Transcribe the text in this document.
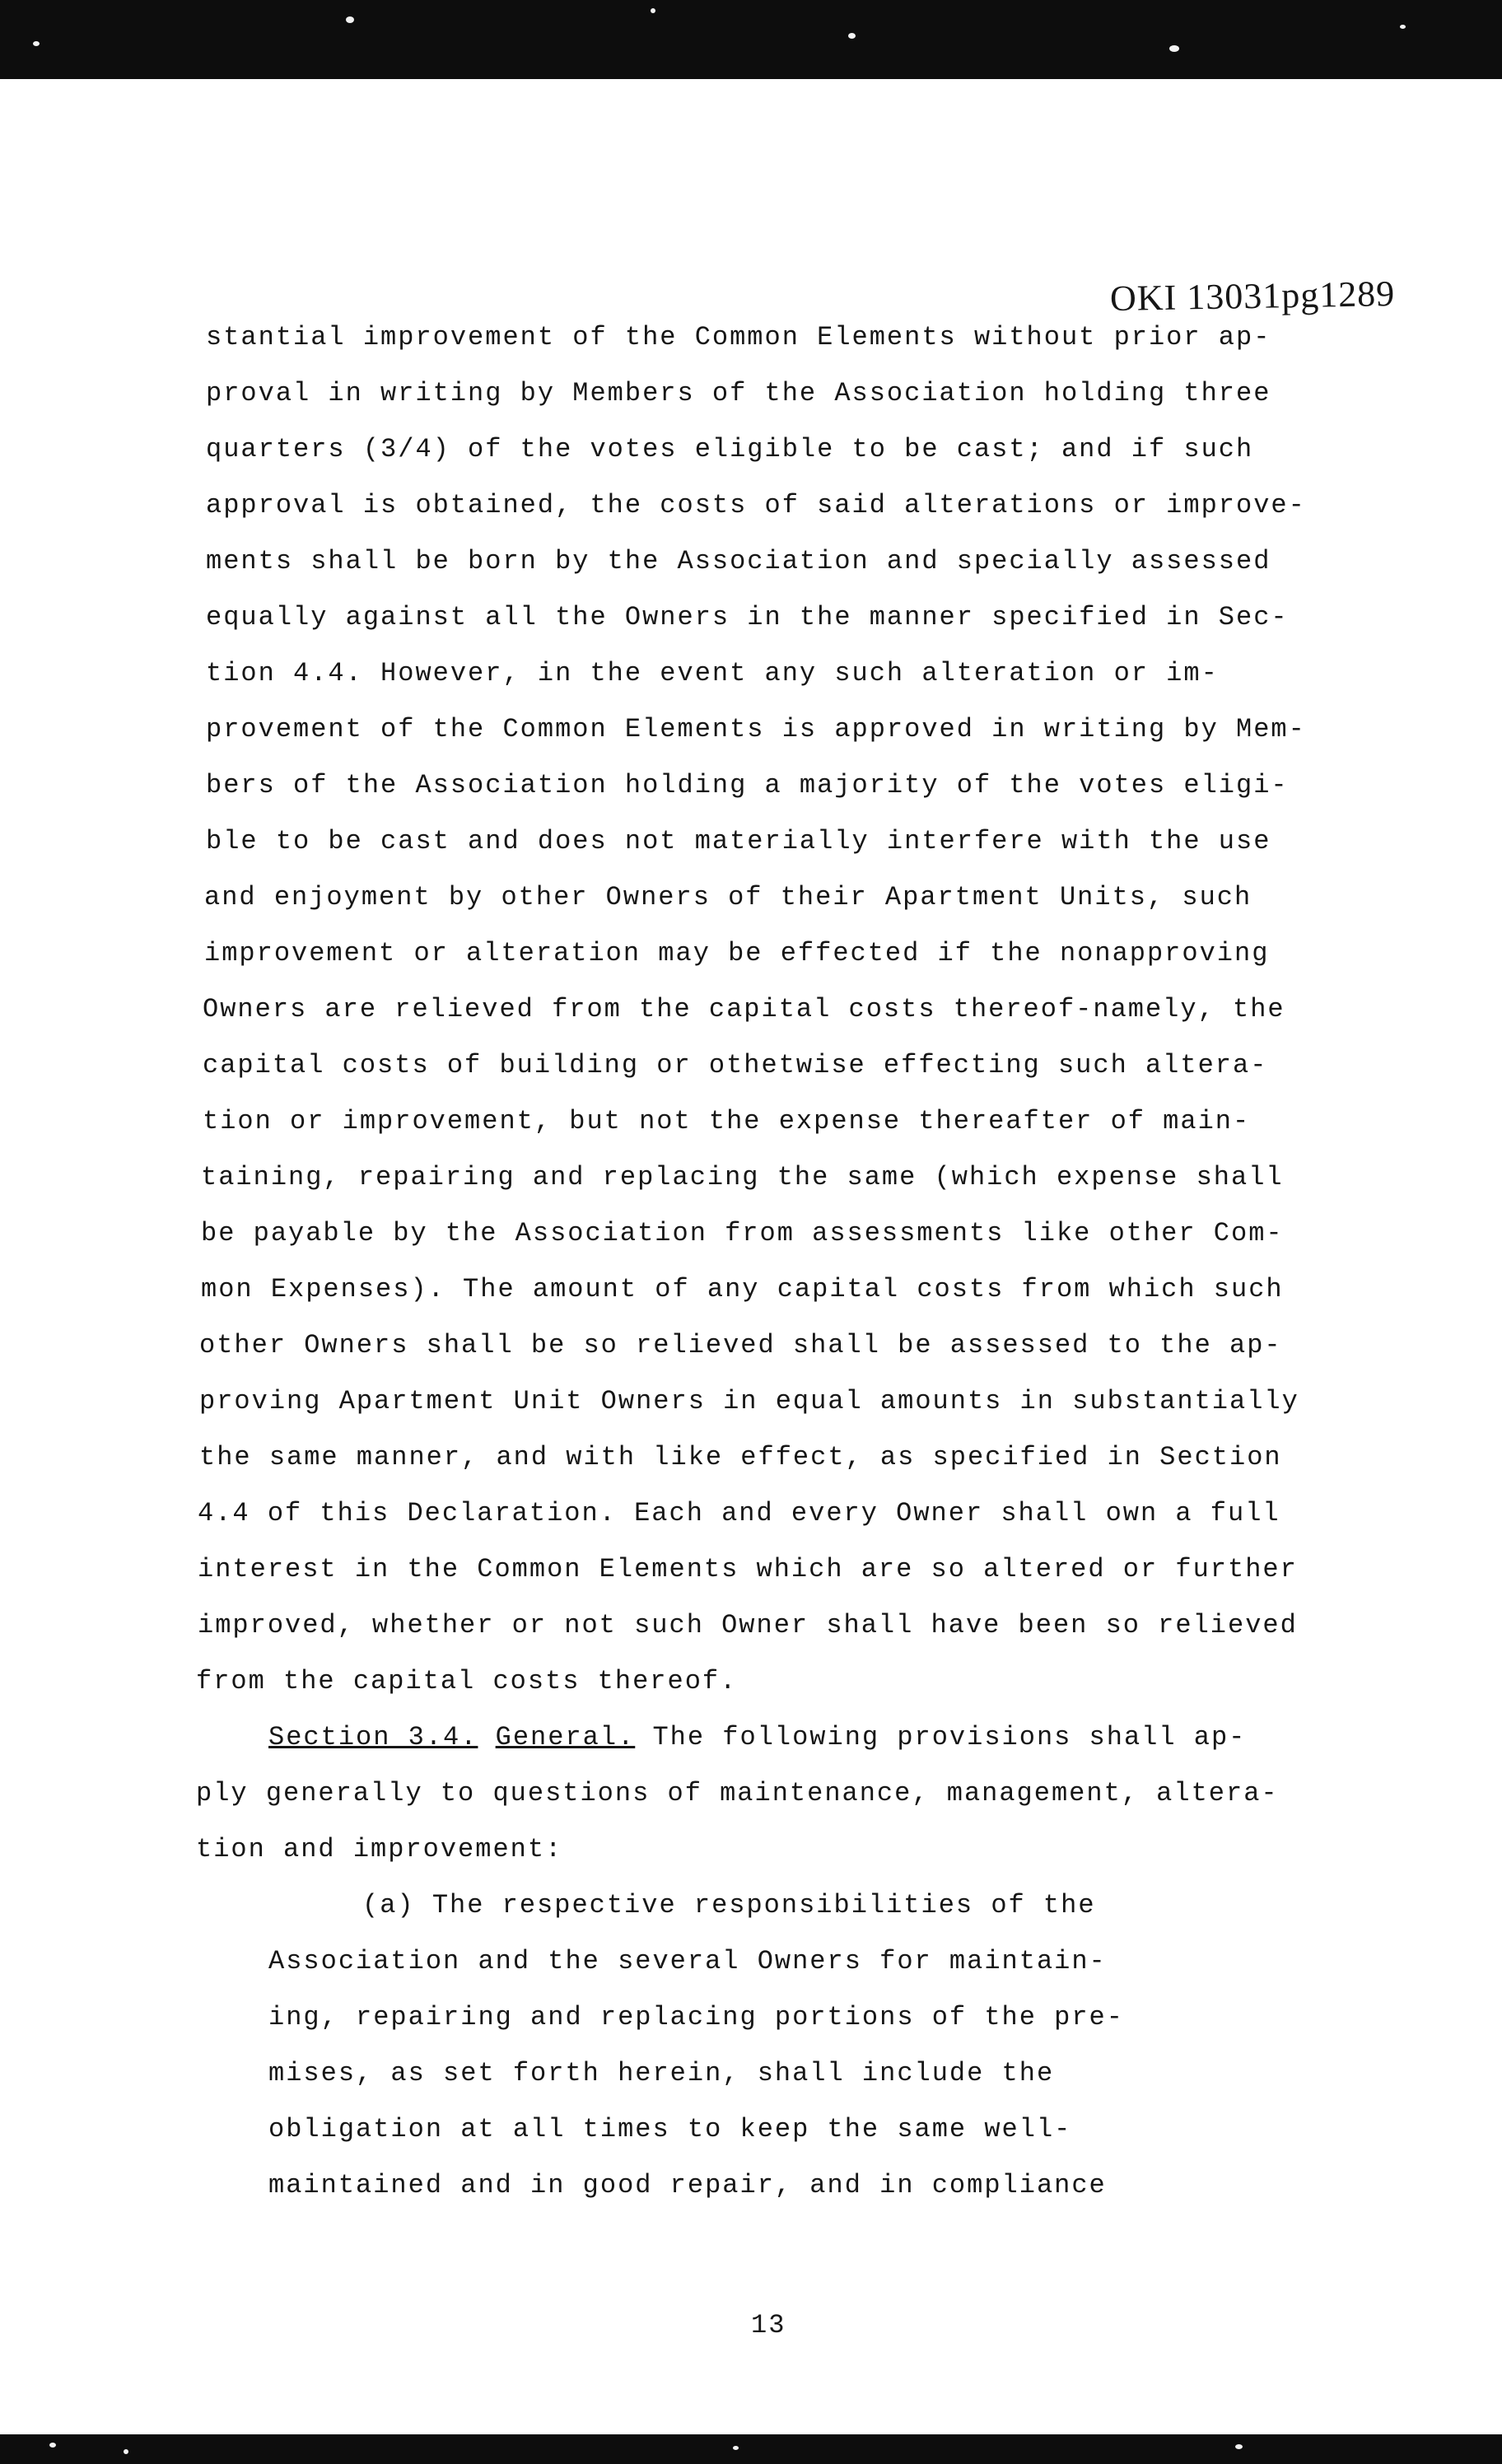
OKI 13031pg1289

stantial improvement of the Common Elements without prior ap-

proval in writing by Members of the Association holding three

quarters (3/4) of the votes eligible to be cast; and if such

approval is obtained, the costs of said alterations or improve-

ments shall be born by the Association and specially assessed

equally against all the Owners in the manner specified in Sec-

tion 4.4. However, in the event any such alteration or im-

provement of the Common Elements is approved in writing by Mem-

bers of the Association holding a majority of the votes eligi-

ble to be cast and does not materially interfere with the use

and enjoyment by other Owners of their Apartment Units, such

improvement or alteration may be effected if the nonapproving

Owners are relieved from the capital costs thereof-namely, the

capital costs of building or othetwise effecting such altera-

tion or improvement, but not the expense thereafter of main-

taining, repairing and replacing the same (which expense shall

be payable by the Association from assessments like other Com-

mon Expenses). The amount of any capital costs from which such

other Owners shall be so relieved shall be assessed to the ap-

proving Apartment Unit Owners in equal amounts in substantially

the same manner, and with like effect, as specified in Section

4.4 of this Declaration. Each and every Owner shall own a full

interest in the Common Elements which are so altered or further

improved, whether or not such Owner shall have been so relieved

from the capital costs thereof.

Section 3.4. General. The following provisions shall ap-

ply generally to questions of maintenance, management, altera-

tion and improvement:

(a) The respective responsibilities of the

Association and the several Owners for maintain-

ing, repairing and replacing portions of the pre-

mises, as set forth herein, shall include the

obligation at all times to keep the same well-

maintained and in good repair, and in compliance

13
